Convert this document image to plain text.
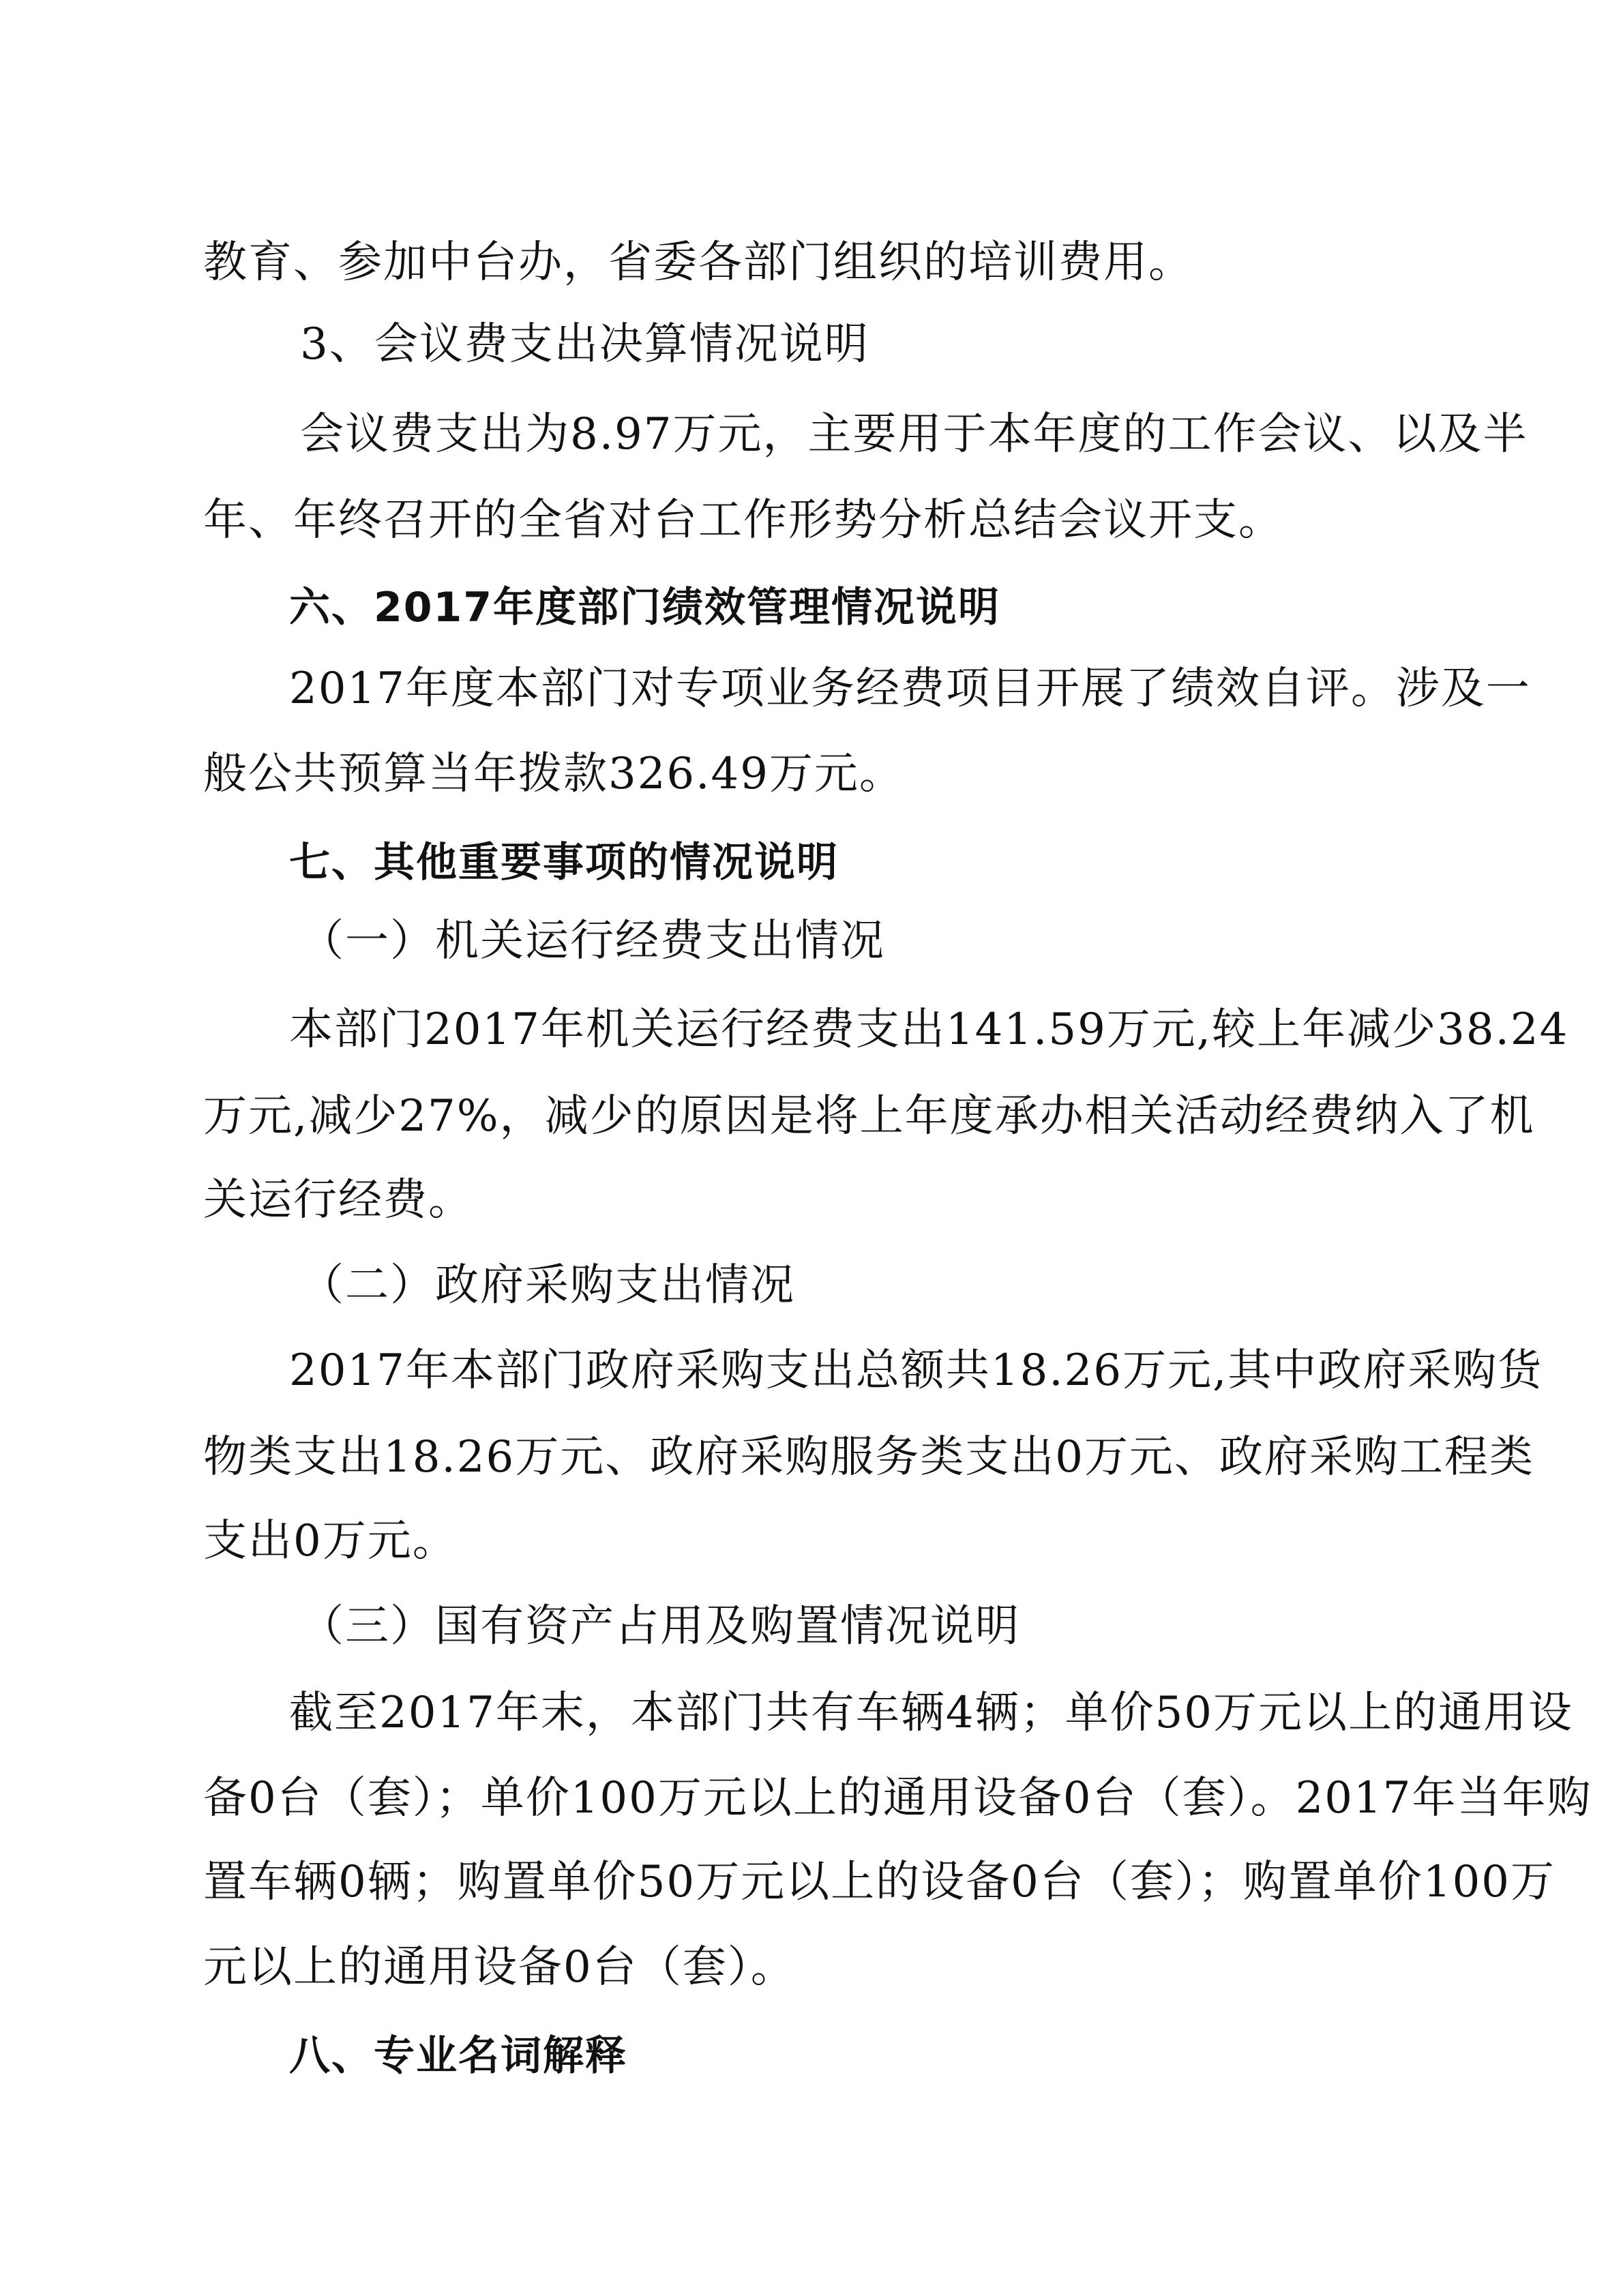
教育、参加中台办，省委各部门组织的培训费用。
3、会议费支出决算情况说明
会议费支出为8.97万元，主要用于本年度的工作会议、以及半
年、年终召开的全省对台工作形势分析总结会议开支。
六、2017年度部门绩效管理情况说明
2017年度本部门对专项业务经费项目开展了绩效自评。涉及一
般公共预算当年拨款326.49万元。
七、其他重要事项的情况说明
（一）机关运行经费支出情况
本部门2017年机关运行经费支出141.59万元,较上年减少38.24
万元,减少27%，减少的原因是将上年度承办相关活动经费纳入了机
关运行经费。
（二）政府采购支出情况
2017年本部门政府采购支出总额共18.26万元,其中政府采购货
物类支出18.26万元、政府采购服务类支出0万元、政府采购工程类
支出0万元。
（三）国有资产占用及购置情况说明
截至2017年末，本部门共有车辆4辆；单价50万元以上的通用设
备0台（套）；单价100万元以上的通用设备0台（套）。2017年当年购
置车辆0辆；购置单价50万元以上的设备0台（套）；购置单价100万
元以上的通用设备0台（套）。
八、专业名词解释
